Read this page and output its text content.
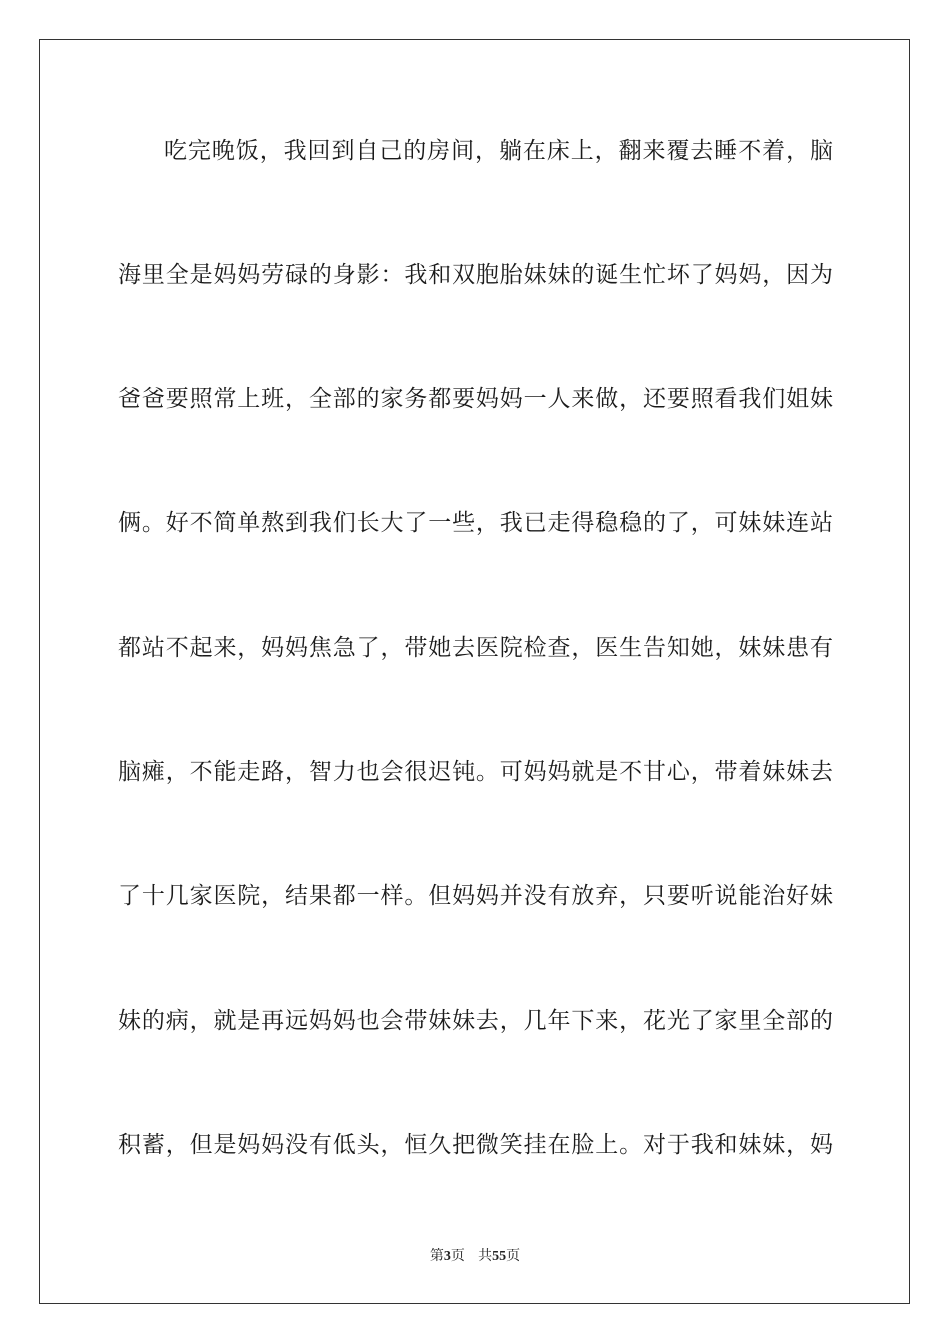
吃完晚饭，我回到自己的房间，躺在床上，翻来覆去睡不着，脑
海里全是妈妈劳碌的身影：我和双胞胎妹妹的诞生忙坏了妈妈，因为
爸爸要照常上班，全部的家务都要妈妈一人来做，还要照看我们姐妹
俩。好不简单熬到我们长大了一些，我已走得稳稳的了，可妹妹连站
都站不起来，妈妈焦急了，带她去医院检查，医生告知她，妹妹患有
脑瘫，不能走路，智力也会很迟钝。可妈妈就是不甘心，带着妹妹去
了十几家医院，结果都一样。但妈妈并没有放弃，只要听说能治好妹
妹的病，就是再远妈妈也会带妹妹去，几年下来，花光了家里全部的
积蓄，但是妈妈没有低头，恒久把微笑挂在脸上。对于我和妹妹，妈
第3页 共55页
